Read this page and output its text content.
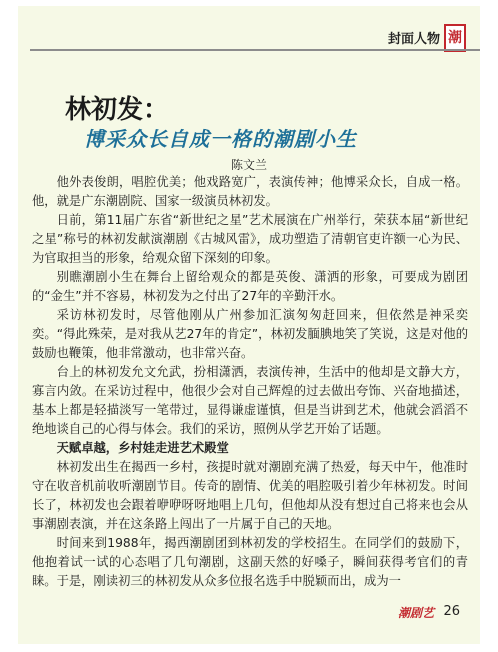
封面人物 潮
林初发：
博采众长自成一格的潮剧小生
陈文兰

他外表俊朗，唱腔优美；他戏路宽广，表演传神；他博采众长，自成一格。他，就是广东潮剧院、国家一级演员林初发。

日前，第11届广东省“新世纪之星”艺术展演在广州举行，荣获本届“新世纪之星”称号的林初发献演潮剧《古城风雷》，成功塑造了清朝官吏许额一心为民、为官取担当的形象，给观众留下深刻的印象。

别瞧潮剧小生在舞台上留给观众的都是英俊、潇洒的形象，可要成为剧团的“金生”并不容易，林初发为之付出了27年的辛勤汗水。

采访林初发时，尽管他刚从广州参加汇演匆匆赶回来，但依然是神采奕奕。“得此殊荣，是对我从艺27年的肯定”，林初发腼腆地笑了笑说，这是对他的鼓励也鞭策，他非常激动，也非常兴奋。

台上的林初发允文允武，扮相潇洒，表演传神，生活中的他却是文静大方，寡言内敛。在采访过程中，他很少会对自己辉煌的过去做出夸饰、兴奋地描述，基本上都是轻描淡写一笔带过，显得谦虚谨慎，但是当讲到艺术，他就会滔滔不绝地谈自己的心得与体会。我们的采访，照例从学艺开始了话题。

天赋卓越，乡村娃走进艺术殿堂

林初发出生在揭西一乡村，孩提时就对潮剧充满了热爱，每天中午，他准时守在收音机前收听潮剧节目。传奇的剧情、优美的唱腔吸引着少年林初发。时间长了，林初发也会跟着咿咿呀呀地唱上几句，但他却从没有想过自己将来也会从事潮剧表演，并在这条路上闯出了一片属于自己的天地。

时间来到1988年，揭西潮剧团到林初发的学校招生。在同学们的鼓励下，他抱着试一试的心态唱了几句潮剧，这副天然的好嗓子，瞬间获得考官们的青睐。于是，刚读初三的林初发从众多位报名选手中脱颖而出，成为一

潮剧艺 26
